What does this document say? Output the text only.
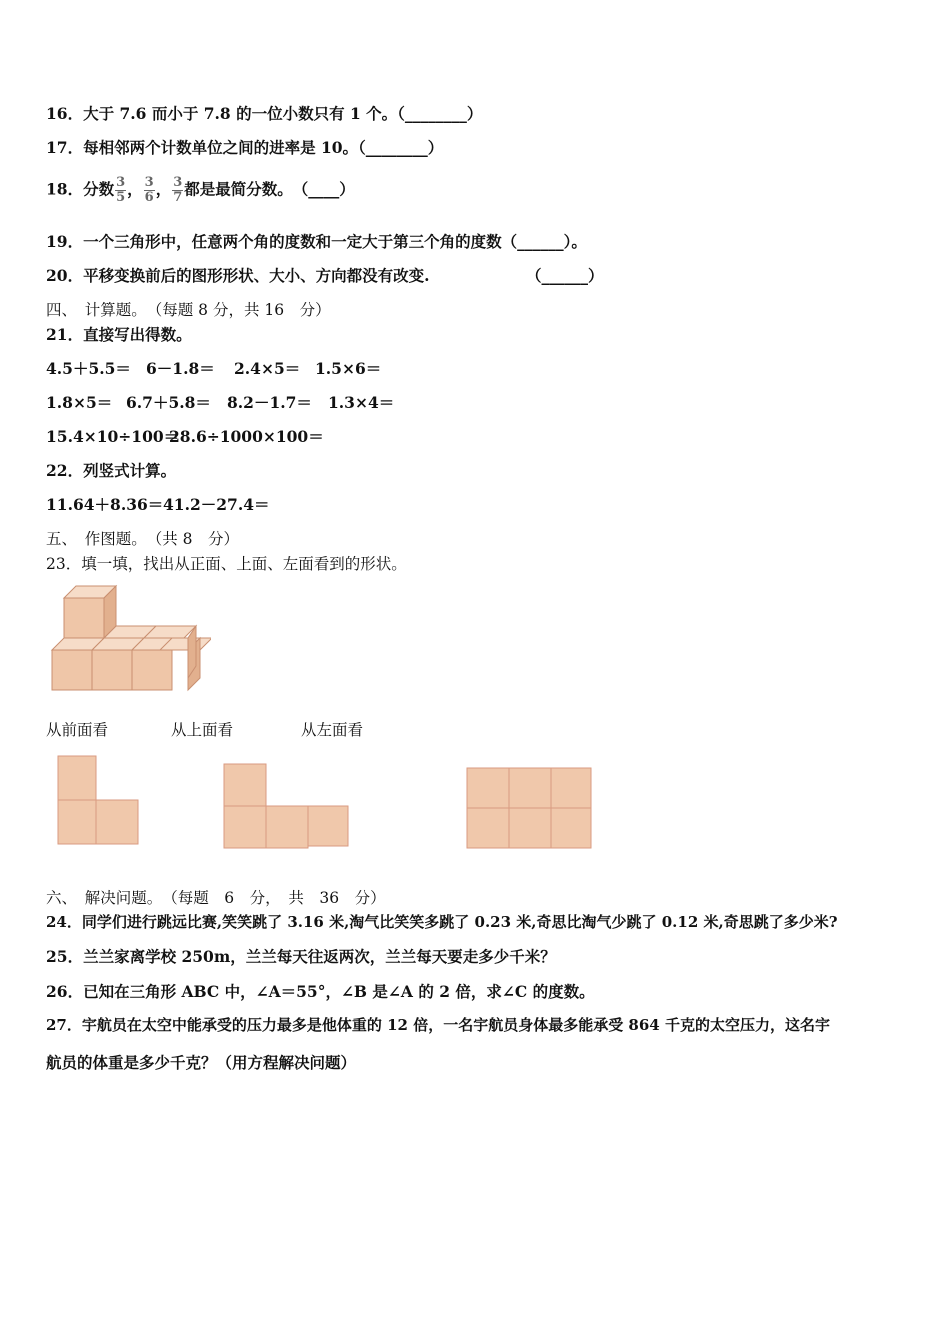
16．大于 7.6 而小于 7.8 的一位小数只有 1 个。（________）
17．每相邻两个计数单位之间的进率是 10。（________）
18．分数 $\frac{3}{5}$ ， $\frac{3}{6}$ ， $\frac{3}{7}$ 都是最简分数。　（____）
19．一个三角形中，任意两个角的度数和一定大于第三个角的度数（______）。
20．平移变换前后的图形形状、大小、方向都没有改变.	（______）
四、　计算题。　（每题 8 分，共 16　分）
21．直接写出得数。
4.5＋5.5＝ 6－1.8＝ 2.4×5＝ 1.5×6＝
1.8×5＝ 6.7＋5.8＝ 8.2－1.7＝ 1.3×4＝
15.4×10÷100＝
28.6÷1000×100＝
22．列竖式计算。
11.64＋8.36＝ 41.2－27.4＝
五、　作图题。　（共 8　分）
23．填一填，找出从正面、上面、左面看到的形状。
从前面看	从上面看	从左面看
六、　解决问题。　（每题　6　分，　共　36　分）
24．同学们进行跳远比赛,笑笑跳了 3.16 米,淘气比笑笑多跳了 0.23 米,奇思比淘气少跳了 0.12 米,奇思跳了多少米?
25．兰兰家离学校 250m，兰兰每天往返两次，兰兰每天要走多少千米？
26．已知在三角形 ABC 中，∠A＝55°，∠B 是∠A 的 2 倍，求∠C 的度数。
27．宇航员在太空中能承受的压力最多是他体重的 12 倍，一名宇航员身体最多能承受 864 千克的太空压力，这名宇
航员的体重是多少千克？（用方程解决问题）
